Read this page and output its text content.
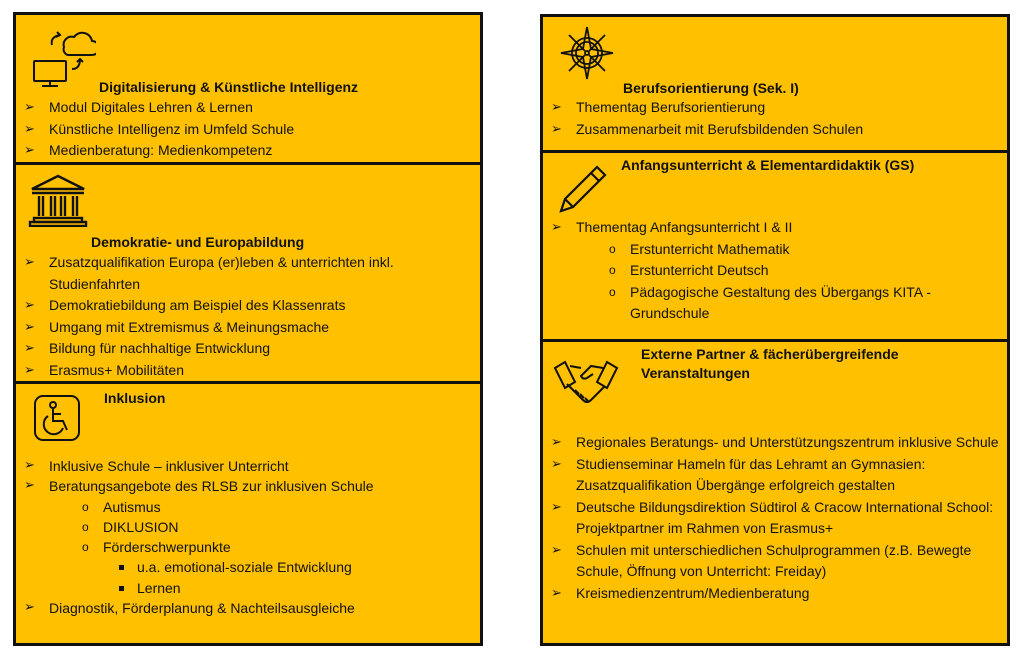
Digitalisierung & Künstliche Intelligenz
➢ Modul Digitales Lehren & Lernen
➢ Künstliche Intelligenz im Umfeld Schule
➢ Medienberatung: Medienkompetenz
Demokratie- und Europabildung
➢ Zusatzqualifikation Europa (er)leben & unterrichten inkl. Studienfahrten
➢ Demokratiebildung am Beispiel des Klassenrats
➢ Umgang mit Extremismus & Meinungsmache
➢ Bildung für nachhaltige Entwicklung
➢ Erasmus+ Mobilitäten
Inklusion
➢ Inklusive Schule – inklusiver Unterricht
➢ Beratungsangebote des RLSB zur inklusiven Schule
o Autismus
o DIKLUSION
o Förderschwerpunkte
u.a. emotional-soziale Entwicklung
Lernen
➢ Diagnostik, Förderplanung & Nachteilsausgleiche
Berufsorientierung (Sek. I)
➢ Thementag Berufsorientierung
➢ Zusammenarbeit mit Berufsbildenden Schulen
Anfangsunterricht & Elementardidaktik (GS)
➢ Thementag Anfangsunterricht I & II
o Erstunterricht Mathematik
o Erstunterricht Deutsch
o Pädagogische Gestaltung des Übergangs KITA - Grundschule
Externe Partner & fächerübergreifende Veranstaltungen
➢ Regionales Beratungs- und Unterstützungszentrum inklusive Schule
➢ Studienseminar Hameln für das Lehramt an Gymnasien: Zusatzqualifikation Übergänge erfolgreich gestalten
➢ Deutsche Bildungsdirektion Südtirol & Cracow International School: Projektpartner im Rahmen von Erasmus+
➢ Schulen mit unterschiedlichen Schulprogrammen (z.B. Bewegte Schule, Öffnung von Unterricht: Freiday)
➢ Kreismedienzentrum/Medienberatung
